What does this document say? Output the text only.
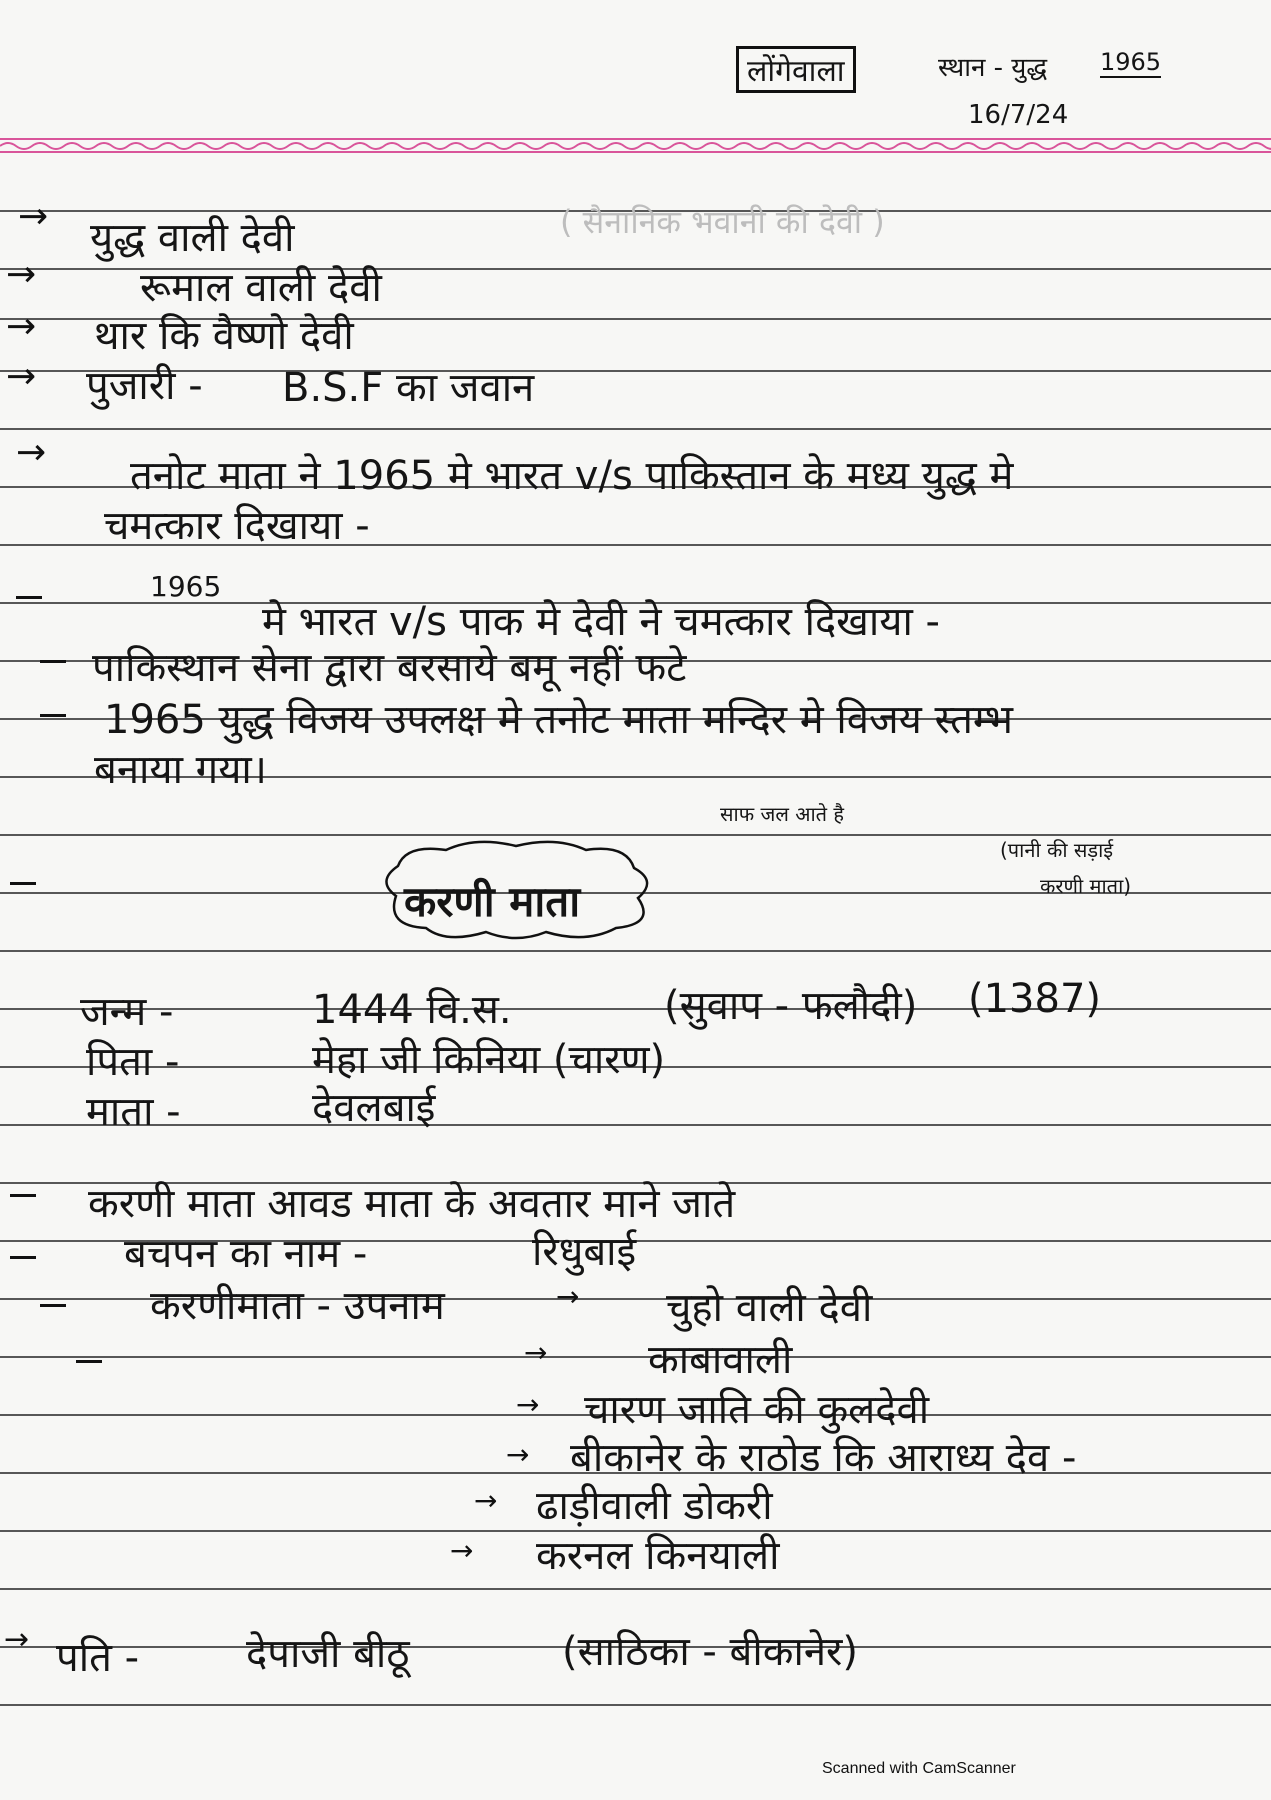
लोंगेवाला	स्थान - युद्ध 1965
16/7/24
→ युद्ध वाली देवी	( सैनानिक भवानी की देवी )
→	रूमाल वाली देवी
→ थार कि वैष्णो देवी
→ पुजारी - B.S.F का जवान
→
तनोट माता ने 1965 मे भारत v/s पाकिस्तान के मध्य युद्ध मे
चमत्कार दिखाया -
1965
मे भारत v/s पाक मे देवी ने चमत्कार दिखाया -
पाकिस्थान सेना द्वारा बरसाये बमू नहीं फटे
1965 युद्ध विजय उपलक्ष मे तनोट माता मन्दिर मे विजय स्तम्भ
बनाया गया।
साफ जल आते है
(पानी की सड़ाई
करणी माता)
करणी माता
जन्म -	1444 वि.स.	(सुवाप - फलौदी) (1387)
पिता -	मेहा जी किनिया (चारण)
माता -	देवलबाई
करणी माता आवड माता के अवतार माने जाते
बचपन का नाम -	रिधुबाई
करणीमाता - उपनाम	→ चुहो वाली देवी
→	काबावाली
→ चारण जाति की कुलदेवी
→ बीकानेर के राठोड कि आराध्य देव -
→ ढाड़ीवाली डोकरी
→ करनल किनयाली
→ पति -	देपाजी बीठू	(साठिका - बीकानेर)
Scanned with CamScanner
